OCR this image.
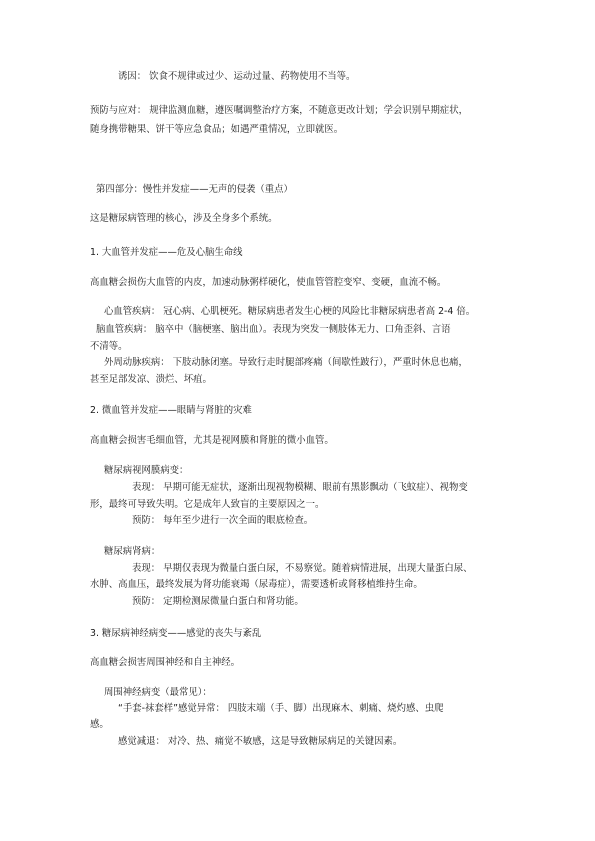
诱因： 饮食不规律或过少、运动过量、药物使用不当等。
预防与应对： 规律监测血糖，遵医嘱调整治疗方案，不随意更改计划；学会识别早期症状，
随身携带糖果、饼干等应急食品；如遇严重情况，立即就医。
第四部分：慢性并发症——无声的侵袭（重点）
这是糖尿病管理的核心，涉及全身多个系统。
1. 大血管并发症——危及心脑生命线
高血糖会损伤大血管的内皮，加速动脉粥样硬化，使血管管腔变窄、变硬，血流不畅。
心血管疾病： 冠心病、心肌梗死。糖尿病患者发生心梗的风险比非糖尿病患者高 2-4 倍。
脑血管疾病： 脑卒中（脑梗塞、脑出血）。表现为突发一侧肢体无力、口角歪斜、言语
不清等。
外周动脉疾病： 下肢动脉闭塞。导致行走时腿部疼痛（间歇性跛行），严重时休息也痛，
甚至足部发凉、溃烂、坏疽。
2. 微血管并发症——眼睛与肾脏的灾难
高血糖会损害毛细血管，尤其是视网膜和肾脏的微小血管。
糖尿病视网膜病变：
表现： 早期可能无症状，逐渐出现视物模糊、眼前有黑影飘动（飞蚊症）、视物变
形，最终可导致失明。它是成年人致盲的主要原因之一。
预防： 每年至少进行一次全面的眼底检查。
糖尿病肾病：
表现： 早期仅表现为微量白蛋白尿，不易察觉。随着病情进展，出现大量蛋白尿、
水肿、高血压，最终发展为肾功能衰竭（尿毒症），需要透析或肾移植维持生命。
预防： 定期检测尿微量白蛋白和肾功能。
3. 糖尿病神经病变——感觉的丧失与紊乱
高血糖会损害周围神经和自主神经。
周围神经病变（最常见）：
“手套-袜套样”感觉异常： 四肢末端（手、脚）出现麻木、刺痛、烧灼感、虫爬
感。
感觉减退： 对冷、热、痛觉不敏感，这是导致糖尿病足的关键因素。
